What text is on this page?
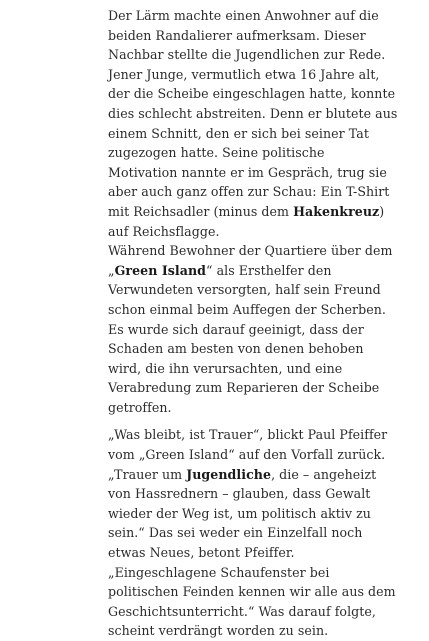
Der Lärm machte einen Anwohner auf die
beiden Randalierer aufmerksam. Dieser
Nachbar stellte die Jugendlichen zur Rede.
Jener Junge, vermutlich etwa 16 Jahre alt,
der die Scheibe eingeschlagen hatte, konnte
dies schlecht abstreiten. Denn er blutete aus
einem Schnitt, den er sich bei seiner Tat
zugezogen hatte. Seine politische
Motivation nannte er im Gespräch, trug sie
aber auch ganz offen zur Schau: Ein T-Shirt
mit Reichsadler (minus dem Hakenkreuz)
auf Reichsflagge.
Während Bewohner der Quartiere über dem
„Green Island“ als Ersthelfer den
Verwundeten versorgten, half sein Freund
schon einmal beim Auffegen der Scherben.
Es wurde sich darauf geeinigt, dass der
Schaden am besten von denen behoben
wird, die ihn verursachten, und eine
Verabredung zum Reparieren der Scheibe
getroffen.
„Was bleibt, ist Trauer“, blickt Paul Pfeiffer
vom „Green Island“ auf den Vorfall zurück.
„Trauer um Jugendliche, die – angeheizt
von Hassrednern – glauben, dass Gewalt
wieder der Weg ist, um politisch aktiv zu
sein.“ Das sei weder ein Einzelfall noch
etwas Neues, betont Pfeiffer.
„Eingeschlagene Schaufenster bei
politischen Feinden kennen wir alle aus dem
Geschichtsunterricht.“ Was darauf folgte,
scheint verdrängt worden zu sein.
